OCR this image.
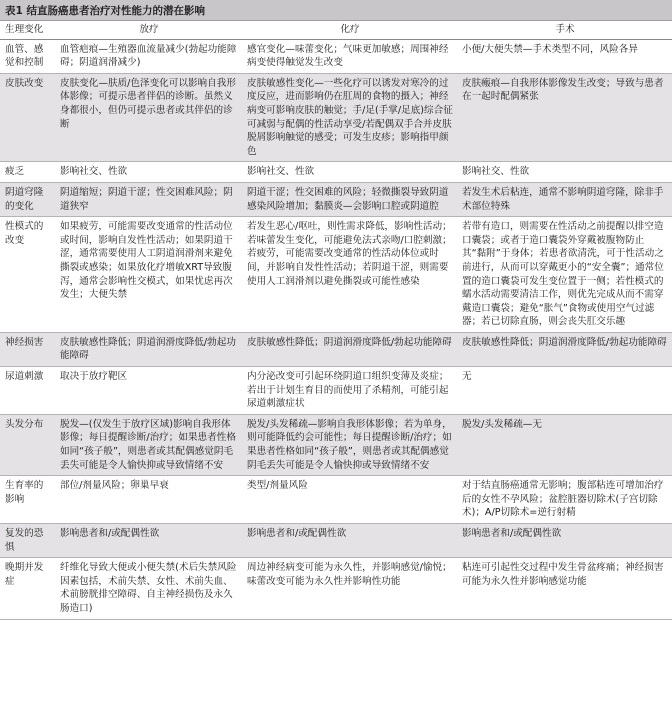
表1 结直肠癌患者治疗对性能力的潜在影响
生理变化	放疗	化疗	手术
血管、感觉和控制	血管疤痕—生殖器血流量减少(勃起功能障碍；阴道润滑减少)	感官变化—味蕾变化；气味更加敏感；周围神经病变使得触觉发生改变	小便/大便失禁—手术类型不同，风险各异
皮肤改变	皮肤变化—肤质/色泽变化可以影响自我形体影像；可提示患者伴侣的诊断。虽然义身都很小，但仍可提示患者或其伴侣的诊断	皮肤敏感性变化—一些化疗可以诱发对寒冷的过度反应，进而影响仍在肛周的食物的摄入；神经病变可影响皮肤的触觉；手/足(手掌/足底)综合征可减弱与配偶的性活动享受/若配偶双手合并皮肤脱屑影响触觉的感受；可发生皮疹；影响指甲颜色	皮肤瘢痕—自我形体影像发生改变；导致与患者在一起时配偶紧张
疲乏	影响社交、性欲	影响社交、性欲	影响社交、性欲
阴道穹隆的变化	阴道缩短；阴道干涩；性交困难风险；阴道狭窄	阴道干涩；性交困难的风险；轻微撕裂导致阴道感染风险增加；黏膜炎—会影响口腔或阴道腔	若发生术后粘连，通常不影响阴道穹隆，除非手术部位特殊
性模式的改变	如果疲劳，可能需要改变通常的性活动位或时间，影响自发性性活动；如果阴道干涩，通常需要使用人工阴道润滑剂来避免撕裂或感染；如果放化疗增敏XRT导致腹泻，通常会影响性交模式，如果忧虑再次发生；大便失禁	若发生恶心/呕吐，则性需求降低，影响性活动；若味蕾发生变化，可能避免法式亲吻/口腔刺激；若疲劳，可能需要改变通常的性活动体位或时间，并影响自发性性活动；若阴道干涩，则需要使用人工润滑剂以避免撕裂或可能性感染	若带有造口，则需要在性活动之前提醒以排空造口囊袋；或者于造口囊袋外穿戴被腹物防止其“黏附”于身体；若患者欲清洗，可于性活动之前进行，从而可以穿戴更小的“安全囊”；通常位置的造口囊袋可发生变位置于一侧；若性模式的蠕水活动需要清洁工作，则优先完成从而不需穿戴造口囊袋；避免“胀气”食物或使用空气过滤器；若已切除直肠，则会丧失肛交乐趣
神经损害	皮肤敏感性降低；阴道润滑度降低/勃起功能障碍	皮肤敏感性降低；阴道润滑度降低/勃起功能障碍	皮肤敏感性降低；阴道润滑度降低/勃起功能障碍
尿道刺激	取决于放疗靶区	内分泌改变可引起环绕阴道口组织变薄及炎症；若出于计划生育目的而使用了杀精剂，可能引起尿道刺激症状	无
头发分布	脱发—(仅发生于放疗区域)影响自我形体影像；每日提醒诊断/治疗；如果患者性格如同“孩子般”，则患者或其配偶感觉阴毛丢失可能是令人愉快抑或导致情绪不安	脱发/头发稀疏—影响自我形体影像；若为单身，则可能降低约会可能性；每日提醒诊断/治疗；如果患者性格如同“孩子般”，则患者或其配偶感觉阴毛丢失可能是令人愉快抑或导致情绪不安	脱发/头发稀疏—无
生育率的影响	部位/剂量风险；卵巢早衰	类型/剂量风险	对于结直肠癌通常无影响；腹部粘连可增加治疗后的女性不孕风险；盆腔脏器切除术(子宫切除术)；A/P切除术=逆行射精
复发的恐惧	影响患者和/或配偶性欲	影响患者和/或配偶性欲	影响患者和/或配偶性欲
晚期并发症	纤维化导致大便或小便失禁(术后失禁风险因素包括，术前失禁、女性、术前失血、术前膀胱排空障碍、自主神经损伤及永久肠造口)	周边神经病变可能为永久性，并影响感觉/愉悦；味蕾改变可能为永久性并影响性功能	粘连可引起性交过程中发生骨盆疼痛；神经损害可能为永久性并影响感觉功能
